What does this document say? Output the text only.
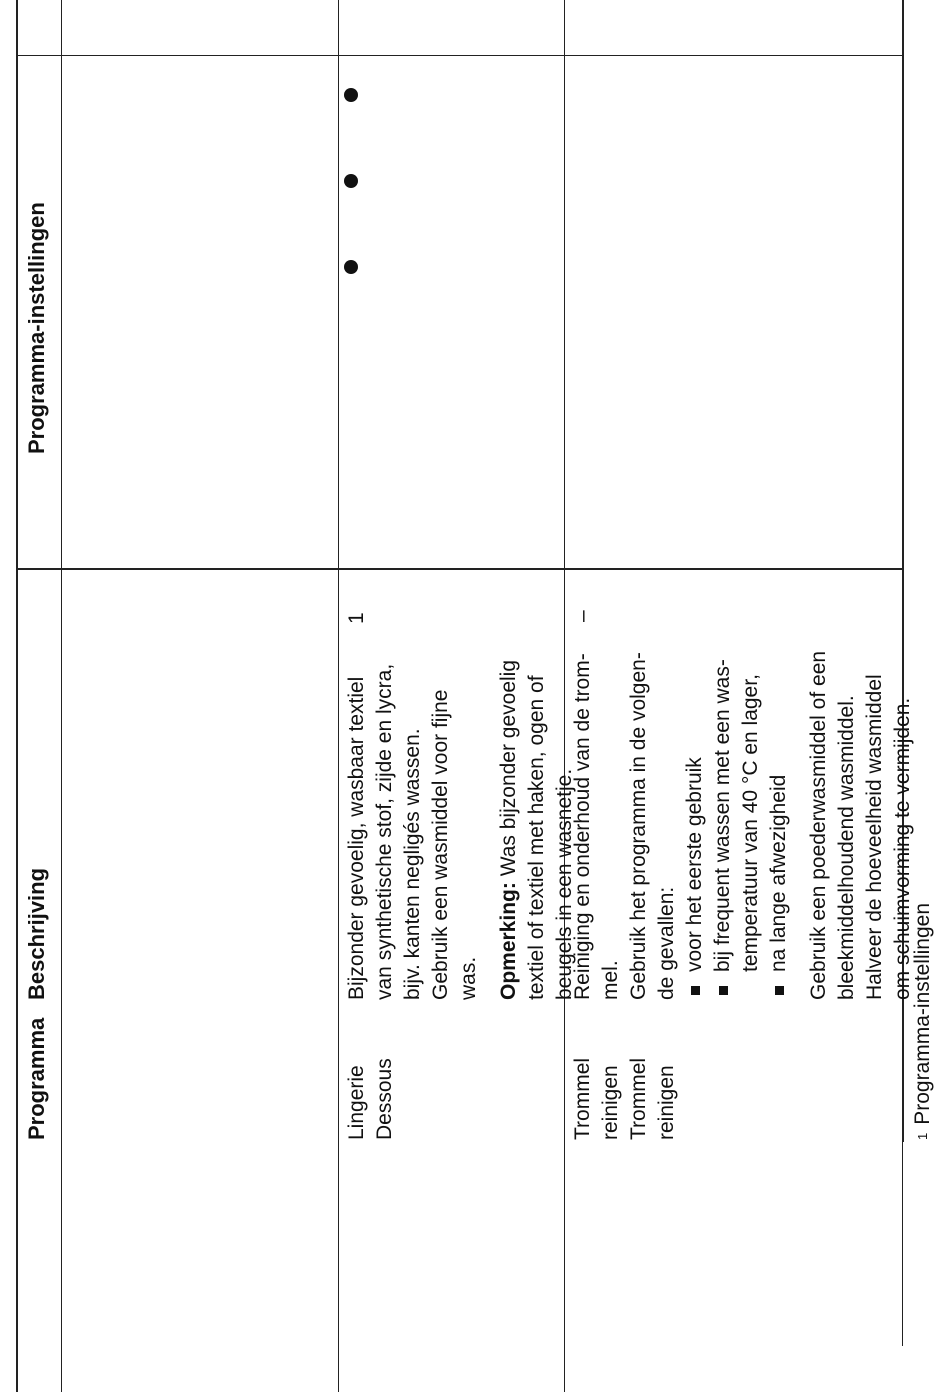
Programma
Beschrijving
Programma-instellingen

Lingerie Dessous

Bijzonder gevoelig, wasbaar textiel van synthetische stof, zijde en lycra, bijv. kanten negligés wassen. Gebruik een wasmiddel voor fijne was. Opmerking: Was bijzonder gevoelig textiel of textiel met haken, ogen of beugels in een wasnetje.

1

Trommel reinigen Trommel reinigen

Reiniging en onderhoud van de trom- mel. Gebruik het programma in de volgen- de gevallen: voor het eerste gebruik bij frequent wassen met een was- temperatuur van 40 °C en lager, na lange afwezigheid Gebruik een poederwasmiddel of een bleekmiddelhoudend wasmiddel. Halveer de hoeveelheid wasmiddel om schuimvorming te vermijden.

–
$^1$Programma-instellingen
